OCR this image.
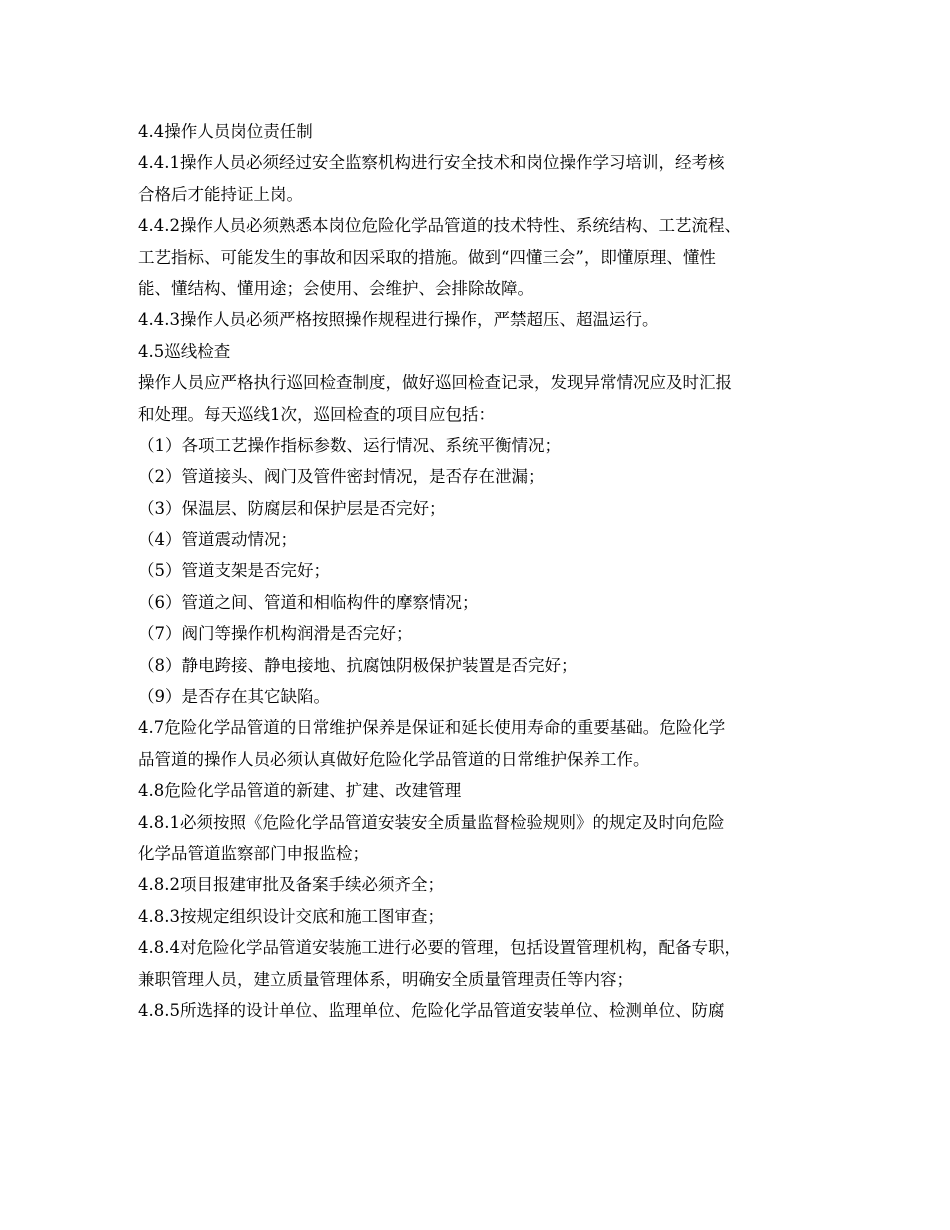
4.4操作人员岗位责任制

4.4.1操作人员必须经过安全监察机构进行安全技术和岗位操作学习培训，经考核

合格后才能持证上岗。

4.4.2操作人员必须熟悉本岗位危险化学品管道的技术特性、系统结构、工艺流程、

工艺指标、可能发生的事故和因采取的措施。做到“四懂三会”，即懂原理、懂性

能、懂结构、懂用途；会使用、会维护、会排除故障。

4.4.3操作人员必须严格按照操作规程进行操作，严禁超压、超温运行。

4.5巡线检查

操作人员应严格执行巡回检查制度，做好巡回检查记录，发现异常情况应及时汇报

和处理。每天巡线1次，巡回检查的项目应包括：

（1）各项工艺操作指标参数、运行情况、系统平衡情况；

（2）管道接头、阀门及管件密封情况，是否存在泄漏；

（3）保温层、防腐层和保护层是否完好；

（4）管道震动情况；

（5）管道支架是否完好；

（6）管道之间、管道和相临构件的摩察情况；

（7）阀门等操作机构润滑是否完好；

（8）静电跨接、静电接地、抗腐蚀阴极保护装置是否完好；

（9）是否存在其它缺陷。

4.7危险化学品管道的日常维护保养是保证和延长使用寿命的重要基础。危险化学

品管道的操作人员必须认真做好危险化学品管道的日常维护保养工作。

4.8危险化学品管道的新建、扩建、改建管理

4.8.1必须按照《危险化学品管道安装安全质量监督检验规则》的规定及时向危险

化学品管道监察部门申报监检；

4.8.2项目报建审批及备案手续必须齐全；

4.8.3按规定组织设计交底和施工图审查；

4.8.4对危险化学品管道安装施工进行必要的管理，包括设置管理机构，配备专职，

兼职管理人员，建立质量管理体系，明确安全质量管理责任等内容；

4.8.5所选择的设计单位、监理单位、危险化学品管道安装单位、检测单位、防腐
